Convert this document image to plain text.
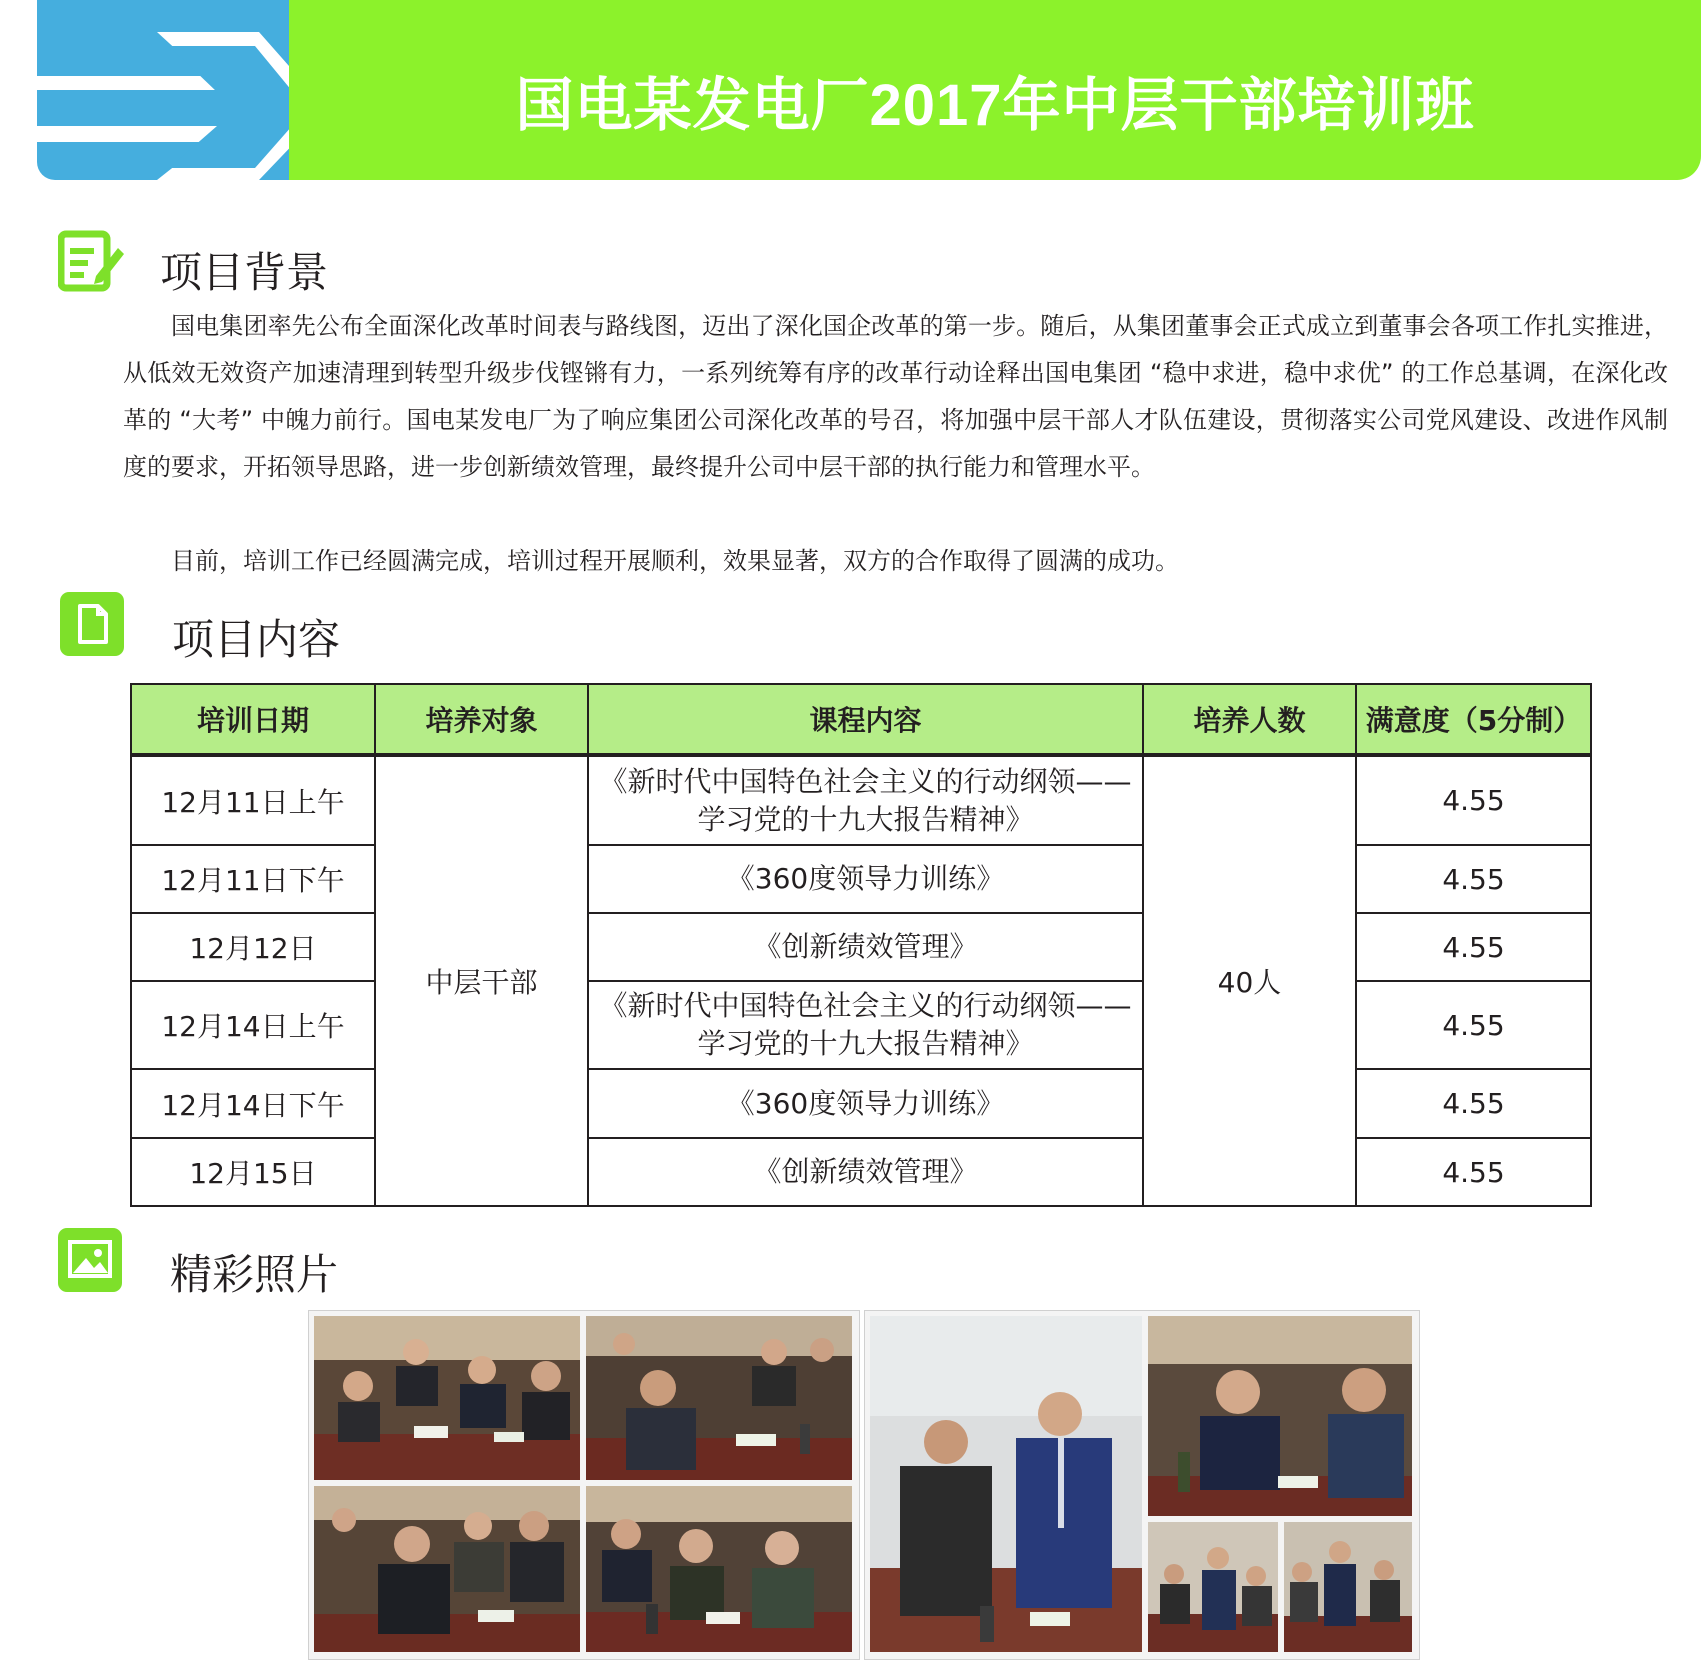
国电某发电厂2017年中层干部培训班
项目背景

国电集团率先公布全面深化改革时间表与路线图，迈出了深化国企改革的第一步。随后，从集团董事会正式成立到董事会各项工作扎实推进，从低效无效资产加速清理到转型升级步伐铿锵有力，一系列统筹有序的改革行动诠释出国电集团 “稳中求进，稳中求优” 的工作总基调，在深化改革的 “大考” 中魄力前行。国电某发电厂为了响应集团公司深化改革的号召，将加强中层干部人才队伍建设，贯彻落实公司党风建设、改进作风制度的要求，开拓领导思路，进一步创新绩效管理，最终提升公司中层干部的执行能力和管理水平。

目前，培训工作已经圆满完成，培训过程开展顺利，效果显著，双方的合作取得了圆满的成功。

项目内容
培训日期	培养对象	课程内容	培养人数	满意度（5分制）
12月11日上午	中层干部	《新时代中国特色社会主义的行动纲领——学习党的十九大报告精神》	40人	4.55
12月11日下午		《360度领导力训练》		4.55
12月12日		《创新绩效管理》		4.55
12月14日上午		《新时代中国特色社会主义的行动纲领——学习党的十九大报告精神》		4.55
12月14日下午		《360度领导力训练》		4.55
12月15日		《创新绩效管理》		4.55
精彩照片
